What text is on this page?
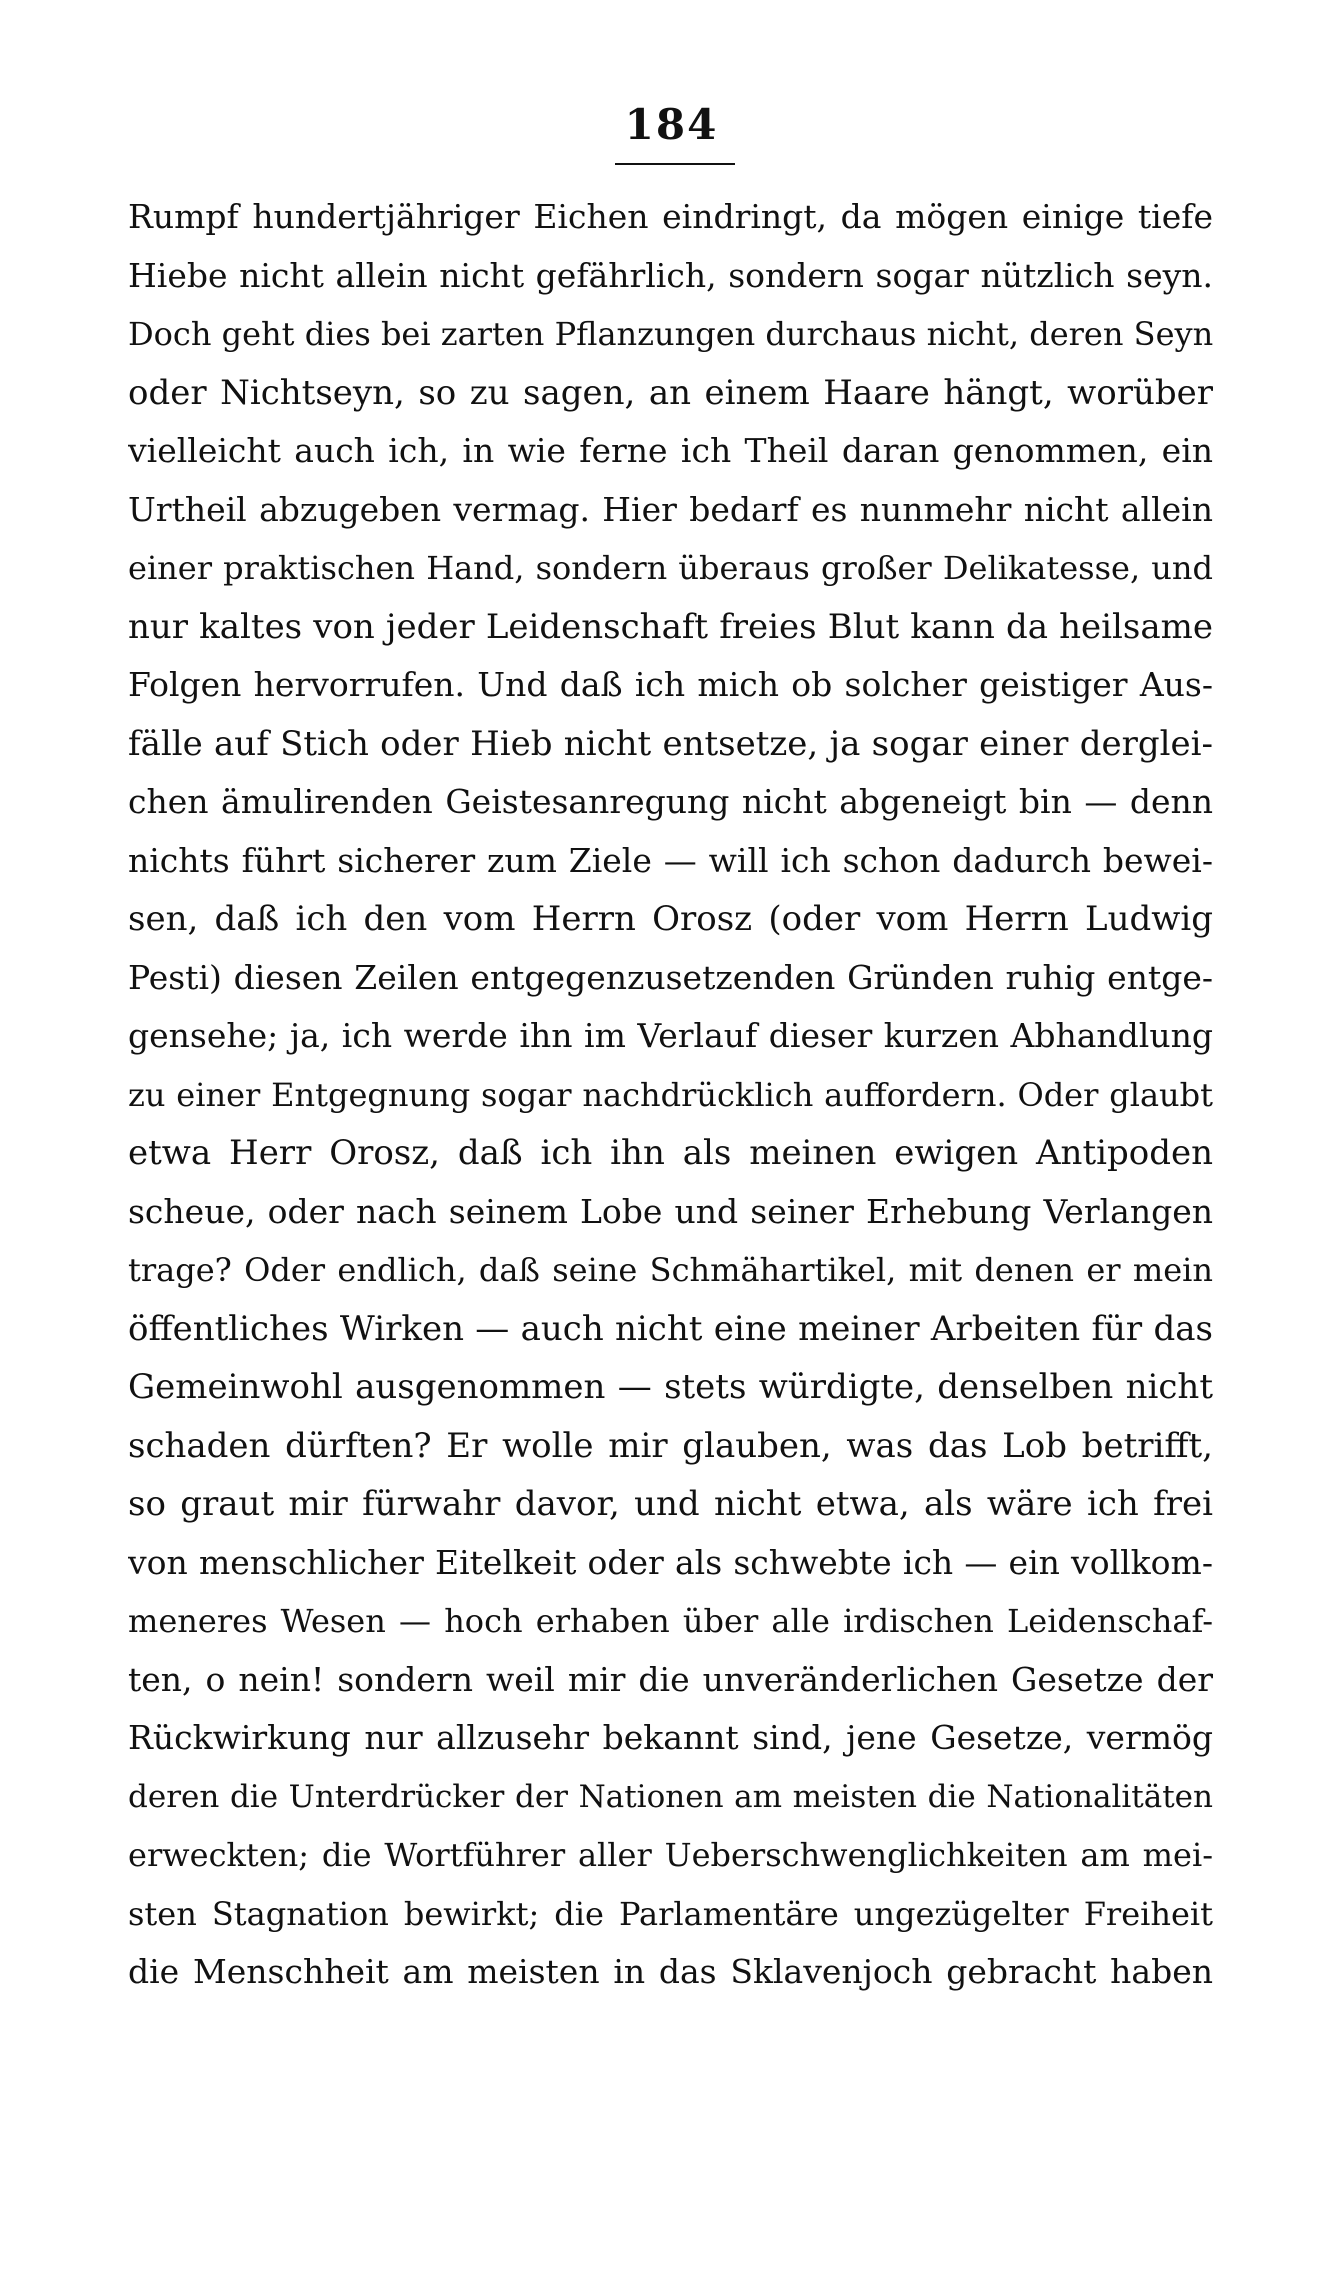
184
Rumpf hundertjähriger Eichen eindringt, da mögen einige tiefe
Hiebe nicht allein nicht gefährlich, sondern sogar nützlich seyn.
Doch geht dies bei zarten Pflanzungen durchaus nicht, deren Seyn
oder Nichtseyn, so zu sagen, an einem Haare hängt, worüber
vielleicht auch ich, in wie ferne ich Theil daran genommen, ein
Urtheil abzugeben vermag. Hier bedarf es nunmehr nicht allein
einer praktischen Hand, sondern überaus großer Delikatesse, und
nur kaltes von jeder Leidenschaft freies Blut kann da heilsame
Folgen hervorrufen. Und daß ich mich ob solcher geistiger Aus-
fälle auf Stich oder Hieb nicht entsetze, ja sogar einer derglei-
chen ämulirenden Geistesanregung nicht abgeneigt bin — denn
nichts führt sicherer zum Ziele — will ich schon dadurch bewei-
sen, daß ich den vom Herrn Orosz (oder vom Herrn Ludwig
Pesti) diesen Zeilen entgegenzusetzenden Gründen ruhig entge-
gensehe; ja, ich werde ihn im Verlauf dieser kurzen Abhandlung
zu einer Entgegnung sogar nachdrücklich auffordern. Oder glaubt
etwa Herr Orosz, daß ich ihn als meinen ewigen Antipoden
scheue, oder nach seinem Lobe und seiner Erhebung Verlangen
trage? Oder endlich, daß seine Schmähartikel, mit denen er mein
öffentliches Wirken — auch nicht eine meiner Arbeiten für das
Gemeinwohl ausgenommen — stets würdigte, denselben nicht
schaden dürften? Er wolle mir glauben, was das Lob betrifft,
so graut mir fürwahr davor, und nicht etwa, als wäre ich frei
von menschlicher Eitelkeit oder als schwebte ich — ein vollkom-
meneres Wesen — hoch erhaben über alle irdischen Leidenschaf-
ten, o nein! sondern weil mir die unveränderlichen Gesetze der
Rückwirkung nur allzusehr bekannt sind, jene Gesetze, vermög
deren die Unterdrücker der Nationen am meisten die Nationalitäten
erweckten; die Wortführer aller Ueberschwenglichkeiten am mei-
sten Stagnation bewirkt; die Parlamentäre ungezügelter Freiheit
die Menschheit am meisten in das Sklavenjoch gebracht haben
